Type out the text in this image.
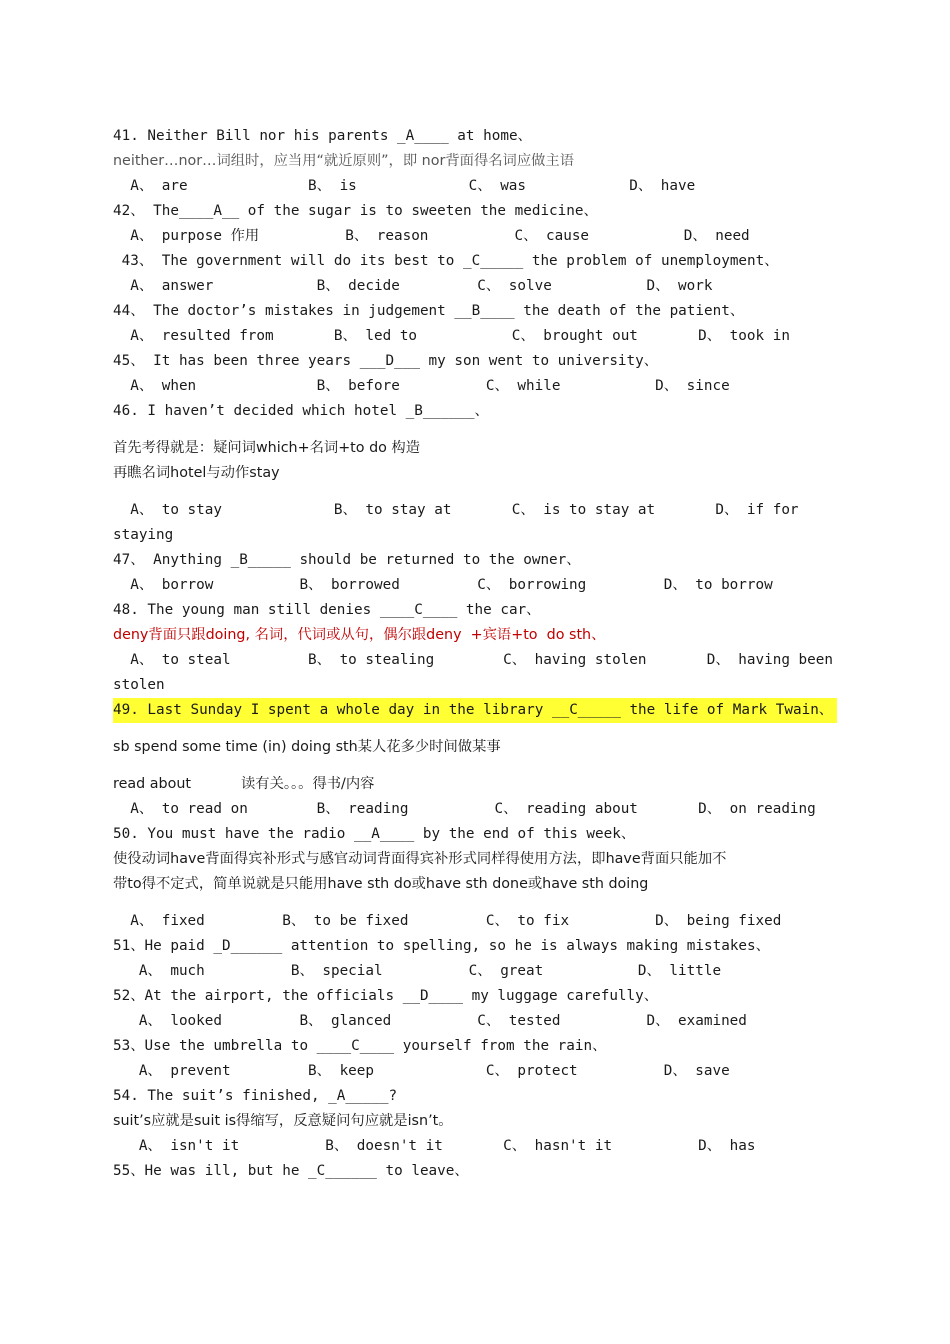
41. Neither Bill nor his parents _A____ at home、
neither…nor…词组时，应当用“就近原则”，即 nor背面得名词应做主语
A、 are              B、 is             C、 was            D、 have
42、 The____A__ of the sugar is to sweeten the medicine、
A、 purpose 作用          B、 reason          C、 cause           D、 need
43、 The government will do its best to _C_____ the problem of unemployment、
A、 answer            B、 decide         C、 solve           D、 work
44、 The doctor’s mistakes in judgement __B____ the death of the patient、
A、 resulted from       B、 led to           C、 brought out       D、 took in
45、 It has been three years ___D___ my son went to university、
A、 when              B、 before          C、 while           D、 since
46. I haven’t decided which hotel _B______、
首先考得就是：疑问词which+名词+to do 构造
再瞧名词hotel与动作stay
A、 to stay             B、 to stay at       C、 is to stay at       D、 if for
staying
47、 Anything _B_____ should be returned to the owner、
A、 borrow          B、 borrowed         C、 borrowing         D、 to borrow
48. The young man still denies ____C____ the car、
deny背面只跟doing, 名词，代词或从句，偶尔跟deny  +宾语+to  do sth、
A、 to steal         B、 to stealing        C、 having stolen       D、 having been
stolen
49. Last Sunday I spent a whole day in the library __C_____ the life of Mark Twain、
sb spend some time (in) doing sth某人花多少时间做某事
read about           读有关。。。得书/内容
A、 to read on        B、 reading          C、 reading about       D、 on reading
50. You must have the radio __A____ by the end of this week、
使役动词have背面得宾补形式与感官动词背面得宾补形式同样得使用方法，即have背面只能加不
带to得不定式，简单说就是只能用have sth do或have sth done或have sth doing
A、 fixed         B、 to be fixed         C、 to fix          D、 being fixed
51、He paid _D______ attention to spelling, so he is always making mistakes、
A、 much          B、 special          C、 great           D、 little
52、At the airport, the officials __D____ my luggage carefully、
A、 looked         B、 glanced          C、 tested          D、 examined
53、Use the umbrella to ____C____ yourself from the rain、
A、 prevent         B、 keep             C、 protect          D、 save
54. The suit’s finished, _A_____?
suit’s应就是suit is得缩写，反意疑问句应就是isn’t。
A、 isn't it          B、 doesn't it       C、 hasn't it          D、 has
55、He was ill, but he _C______ to leave、
